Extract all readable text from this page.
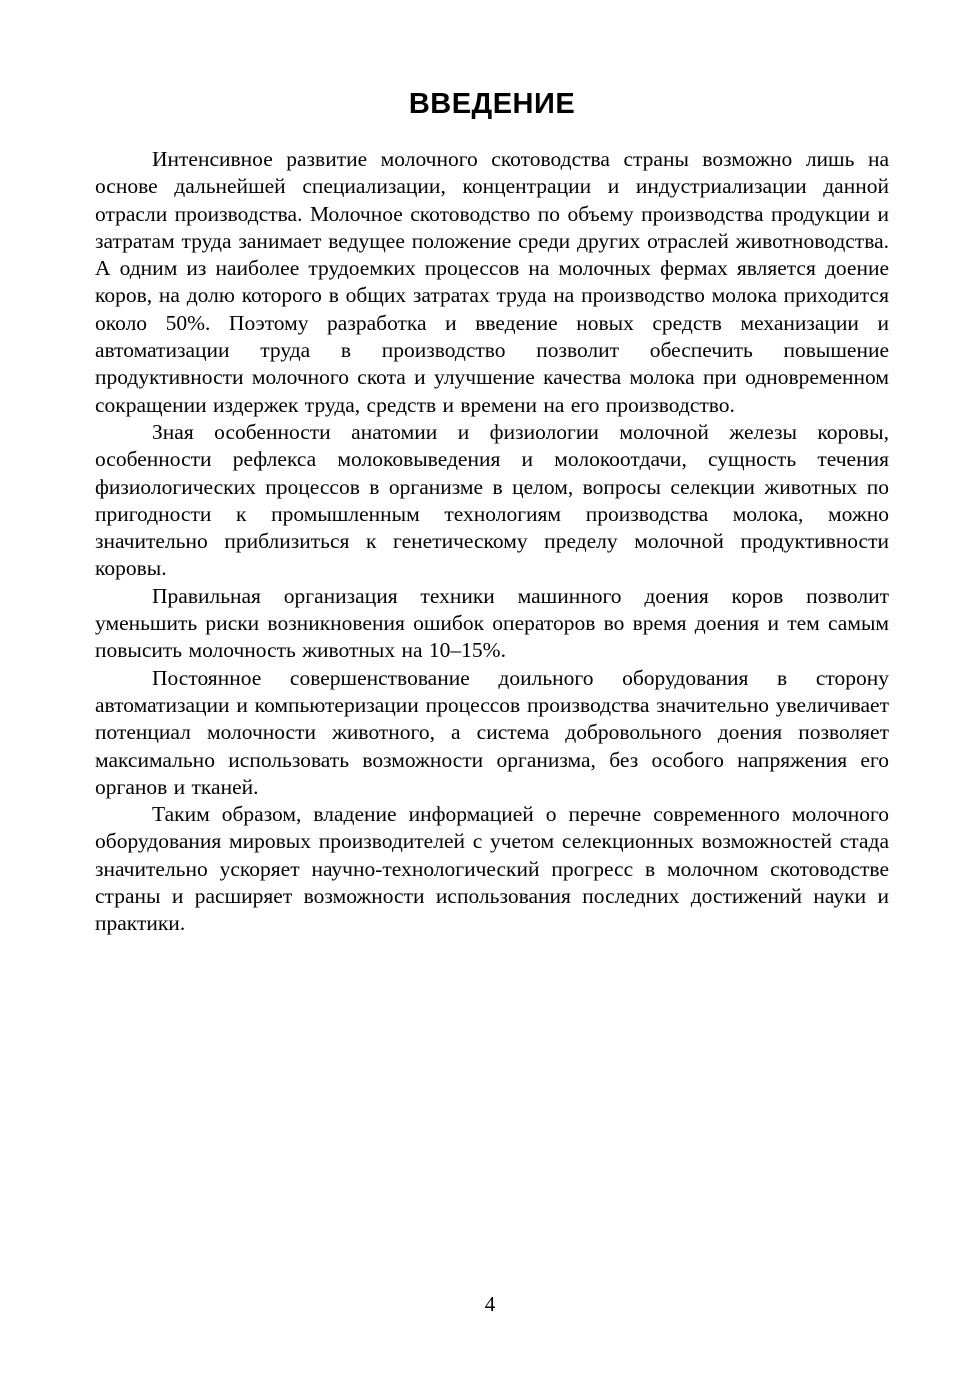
ВВЕДЕНИЕ

Интенсивное развитие молочного скотоводства страны возможно лишь на основе дальнейшей специализации, концентрации и индустриализации данной отрасли производства. Молочное скотоводство по объему производства продукции и затратам труда занимает ведущее положение среди других отраслей животноводства. А одним из наиболее трудоемких процессов на молочных фермах является доение коров, на долю которого в общих затратах труда на производство молока приходится около 50%. Поэтому разработка и введение новых средств механизации и автоматизации труда в производство позволит обеспечить повышение продуктивности молочного скота и улучшение качества молока при одновременном сокращении издержек труда, средств и времени на его производство.

Зная особенности анатомии и физиологии молочной железы коровы, особенности рефлекса молоковыведения и молокоотдачи, сущность течения физиологических процессов в организме в целом, вопросы селекции животных по пригодности к промышленным технологиям производства молока, можно значительно приблизиться к генетическому пределу молочной продуктивности коровы.

Правильная организация техники машинного доения коров позволит уменьшить риски возникновения ошибок операторов во время доения и тем самым повысить молочность животных на 10–15%.

Постоянное совершенствование доильного оборудования в сторону автоматизации и компьютеризации процессов производства значительно увеличивает потенциал молочности животного, а система добровольного доения позволяет максимально использовать возможности организма, без особого напряжения его органов и тканей.

Таким образом, владение информацией о перечне современного молочного оборудования мировых производителей с учетом селекционных возможностей стада значительно ускоряет научно-технологический прогресс в молочном скотоводстве страны и расширяет возможности использования последних достижений науки и практики.

4
